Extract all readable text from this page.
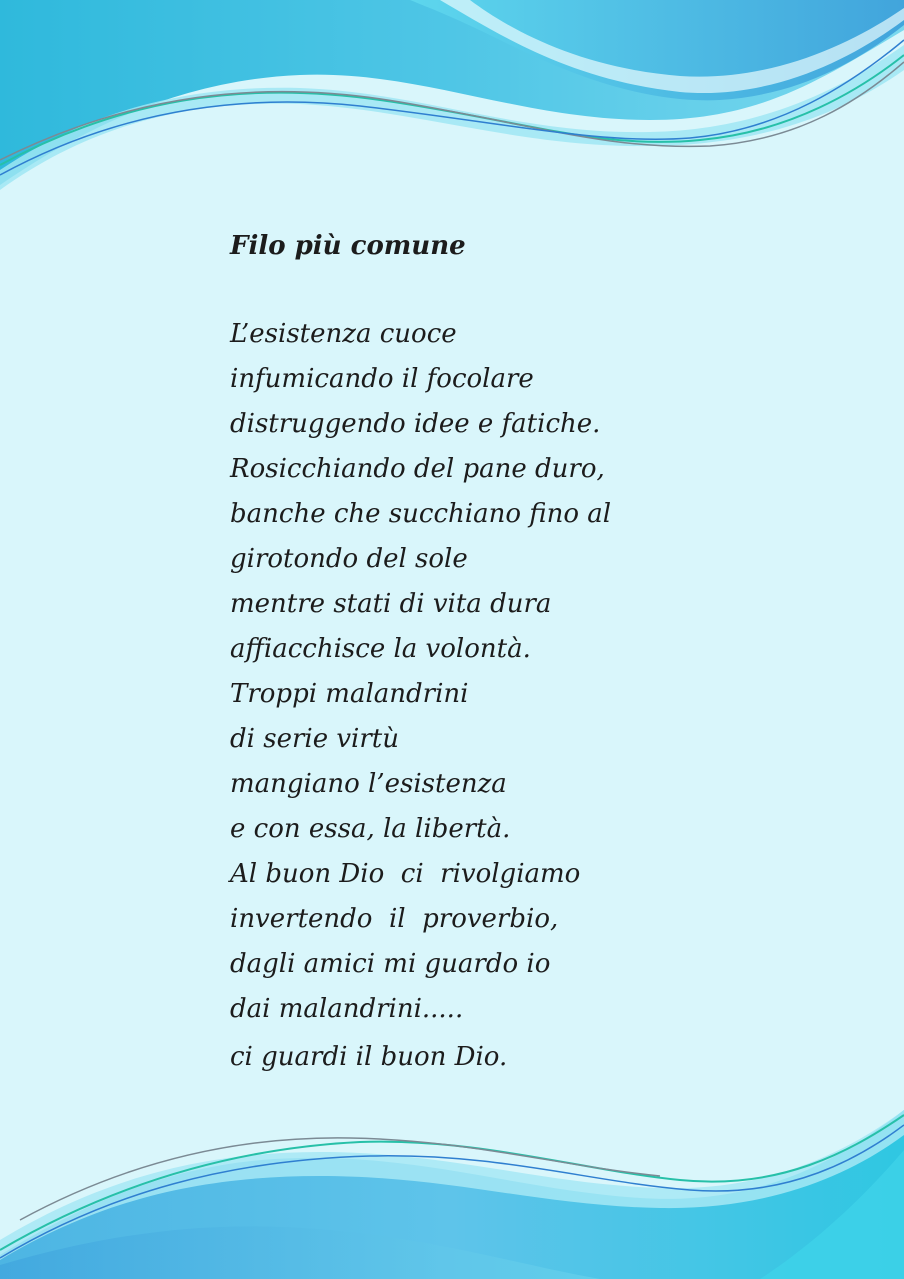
Filo più comune
L’esistenza cuoce
infumicando il focolare
distruggendo idee e fatiche.
Rosicchiando del pane duro,
banche che succhiano fino al
girotondo del sole
mentre stati di vita dura
affiacchisce la volontà.
Troppi malandrini
di serie virtù
mangiano l’esistenza
e con essa, la libertà.
Al buon Dio  ci  rivolgiamo
invertendo  il  proverbio,
dagli amici mi guardo io
dai malandrini.....
ci guardi il buon Dio.
